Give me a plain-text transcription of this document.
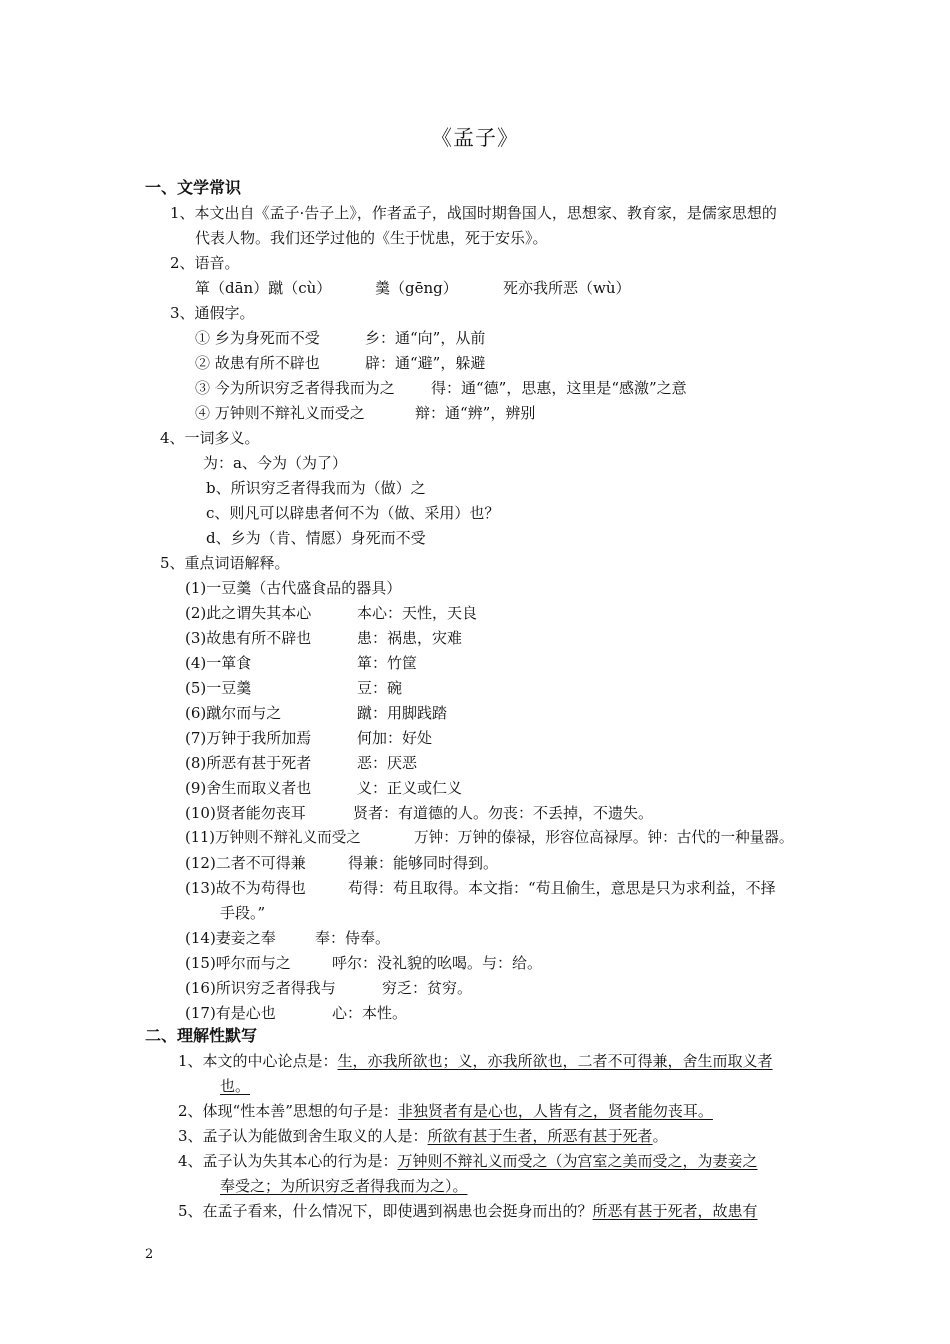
《孟子》
一、文学常识
1、本文出自《孟子·告子上》，作者孟子，战国时期鲁国人，思想家、教育家，是儒家思想的
代表人物。我们还学过他的《生于忧患，死于安乐》。
2、语音。
箪（dān）蹴（cù）	羹（gēng）	死亦我所恶（wù）
3、通假字。
① 乡为身死而不受	乡：通“向”，从前
② 故患有所不辟也	辟：通“避”，躲避
③ 今为所识穷乏者得我而为之 得：通“德”，思惠，这里是“感激”之意
④ 万钟则不辩礼义而受之	辩：通“辨”，辨别
4、一词多义。
为：a、今为（为了）
b、所识穷乏者得我而为（做）之
c、则凡可以辟患者何不为（做、采用）也？
d、乡为（肯、情愿）身死而不受
5、重点词语解释。
(1)一豆羹（古代盛食品的器具）
(2)此之谓失其本心	本心：天性，天良
(3)故患有所不辟也	患：祸患，灾难
(4)一箪食	箪：竹筐
(5)一豆羹	豆：碗
(6)蹴尔而与之	蹴：用脚践踏
(7)万钟于我所加焉	何加：好处
(8)所恶有甚于死者	恶：厌恶
(9)舍生而取义者也	义：正义或仁义
(10)贤者能勿丧耳	贤者：有道德的人。勿丧：不丢掉，不遗失。
(11)万钟则不辩礼义而受之	万钟：万钟的傣禄，形容位高禄厚。钟：古代的一种量器。
(12)二者不可得兼	得兼：能够同时得到。
(13)故不为苟得也	苟得：苟且取得。本文指：“苟且偷生，意思是只为求利益，不择
手段。”
(14)妻妾之奉	奉：侍奉。
(15)呼尔而与之	呼尔：没礼貌的吆喝。与：给。
(16)所识穷乏者得我与	穷乏：贫穷。
(17)有是心也	心：本性。
二、理解性默写
1、本文的中心论点是：生，亦我所欲也；义，亦我所欲也，二者不可得兼，舍生而取义者
也。
2、体现“性本善”思想的句子是：非独贤者有是心也，人皆有之，贤者能勿丧耳。
3、孟子认为能做到舍生取义的人是：所欲有甚于生者，所恶有甚于死者。
4、孟子认为失其本心的行为是：万钟则不辩礼义而受之（为宫室之美而受之，为妻妾之
奉受之；为所识穷乏者得我而为之）。
5、在孟子看来，什么情况下，即使遇到祸患也会挺身而出的？所恶有甚于死者，故患有
2
